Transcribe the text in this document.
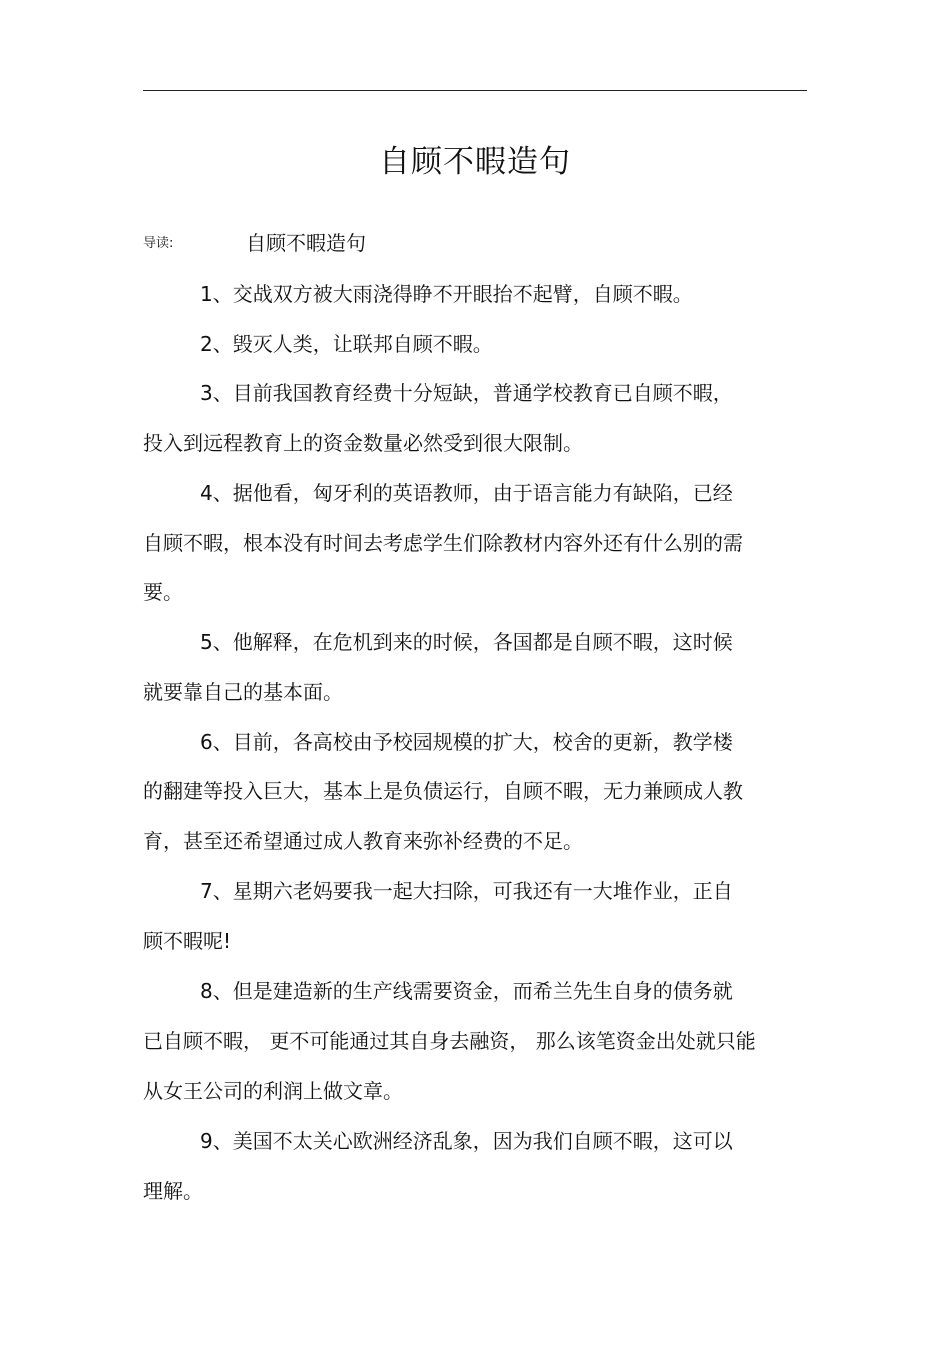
自顾不暇造句
导读:	自顾不暇造句
1、交战双方被大雨浇得睁不开眼抬不起臂，自顾不暇。
2、毁灭人类，让联邦自顾不暇。
3、目前我国教育经费十分短缺，普通学校教育已自顾不暇，
投入到远程教育上的资金数量必然受到很大限制。
4、据他看，匈牙利的英语教师，由于语言能力有缺陷，已经
自顾不暇，根本没有时间去考虑学生们除教材内容外还有什么别的需
要。
5、他解释，在危机到来的时候，各国都是自顾不暇，这时候
就要靠自己的基本面。
6、目前，各高校由予校园规模的扩大，校舍的更新，教学楼
的翻建等投入巨大，基本上是负债运行，自顾不暇，无力兼顾成人教
育，甚至还希望通过成人教育来弥补经费的不足。
7、星期六老妈要我一起大扫除，可我还有一大堆作业，正自
顾不暇呢!
8、但是建造新的生产线需要资金，而希兰先生自身的债务就
已自顾不暇， 更不可能通过其自身去融资， 那么该笔资金出处就只能
从女王公司的利润上做文章。
9、美国不太关心欧洲经济乱象，因为我们自顾不暇，这可以
理解。
